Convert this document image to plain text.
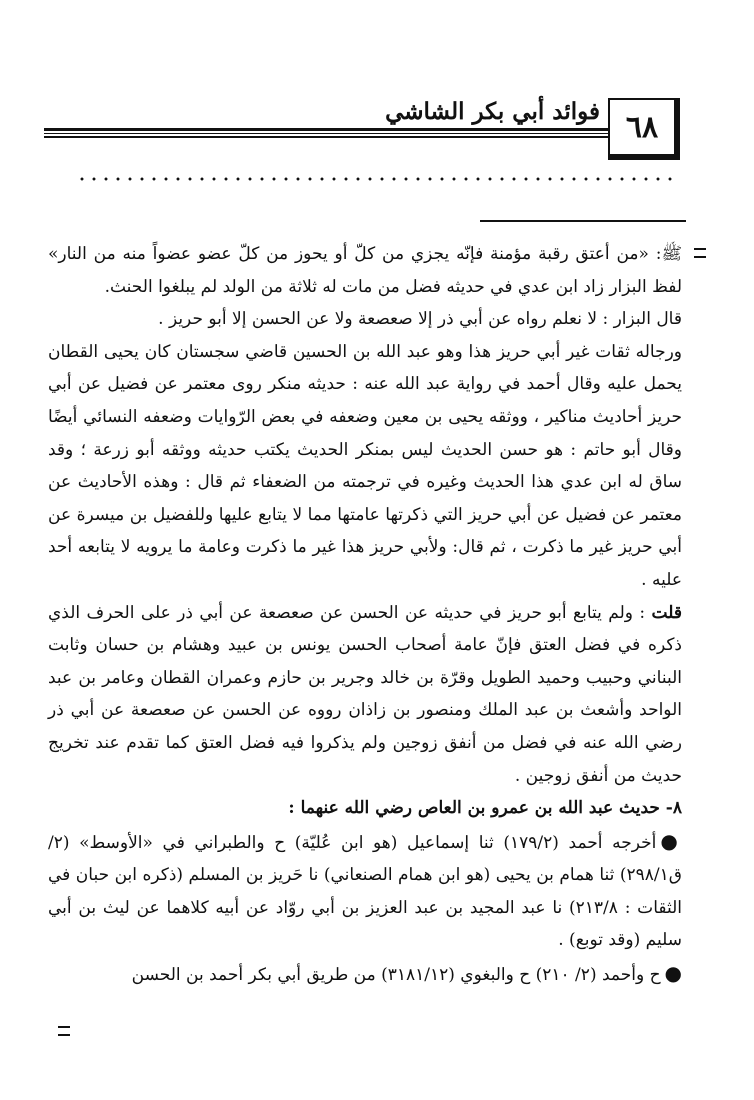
فوائد أبي بكر الشاشي ٦٨

ﷺ: «من أعتق رقبة مؤمنة فإنّه يجزي من كلّ أو يحوز من كلّ عضو عضواً منه من النار» لفظ البزار زاد ابن عدي في حديثه فضل من مات له ثلاثة من الولد لم يبلغوا الحنث.

قال البزار : لا نعلم رواه عن أبي ذر إلا صعصعة ولا عن الحسن إلا أبو حريز .

ورجاله ثقات غير أبي حريز هذا وهو عبد الله بن الحسين قاضي سجستان كان يحيى القطان يحمل عليه وقال أحمد في رواية عبد الله عنه : حديثه منكر روى معتمر عن فضيل عن أبي حريز أحاديث مناكير ، ووثقه يحيى بن معين وضعفه في بعض الرّوايات وضعفه النسائي أيضًا وقال أبو حاتم : هو حسن الحديث ليس بمنكر الحديث يكتب حديثه ووثقه أبو زرعة ؛ وقد ساق له ابن عدي هذا الحديث وغيره في ترجمته من الضعفاء ثم قال : وهذه الأحاديث عن معتمر عن فضيل عن أبي حريز التي ذكرتها عامتها مما لا يتابع عليها وللفضيل بن ميسرة عن أبي حريز غير ما ذكرت ، ثم قال: ولأبي حريز هذا غير ما ذكرت وعامة ما يرويه لا يتابعه أحد عليه .

قلت : ولم يتابع أبو حريز في حديثه عن الحسن عن صعصعة عن أبي ذر على الحرف الذي ذكره في فضل العتق فإنّ عامة أصحاب الحسن يونس بن عبيد وهشام بن حسان وثابت البناني وحبيب وحميد الطويل وقرّة بن خالد وجرير بن حازم وعمران القطان وعامر بن عبد الواحد وأشعث بن عبد الملك ومنصور بن زاذان رووه عن الحسن عن صعصعة عن أبي ذر رضي الله عنه في فضل من أنفق زوجين ولم يذكروا فيه فضل العتق كما تقدم عند تخريج حديث من أنفق زوجين .

٨- حديث عبد الله بن عمرو بن العاص رضي الله عنهما :

●أخرجه أحمد (١٧٩/٢) ثنا إسماعيل (هو ابن عُليّة) ح والطبراني في «الأوسط» (٢/ق٢٩٨/١) ثنا همام بن يحيى (هو ابن همام الصنعاني) نا حَريز بن المسلم (ذكره ابن حبان في الثقات : ٢١٣/٨) نا عبد المجيد بن عبد العزيز بن أبي روّاد عن أبيه كلاهما عن ليث بن أبي سليم (وقد توبع) .

●ح وأحمد (٢/ ٢١٠) ح والبغوي (٣١٨١/١٢) من طريق أبي بكر أحمد بن الحسن
